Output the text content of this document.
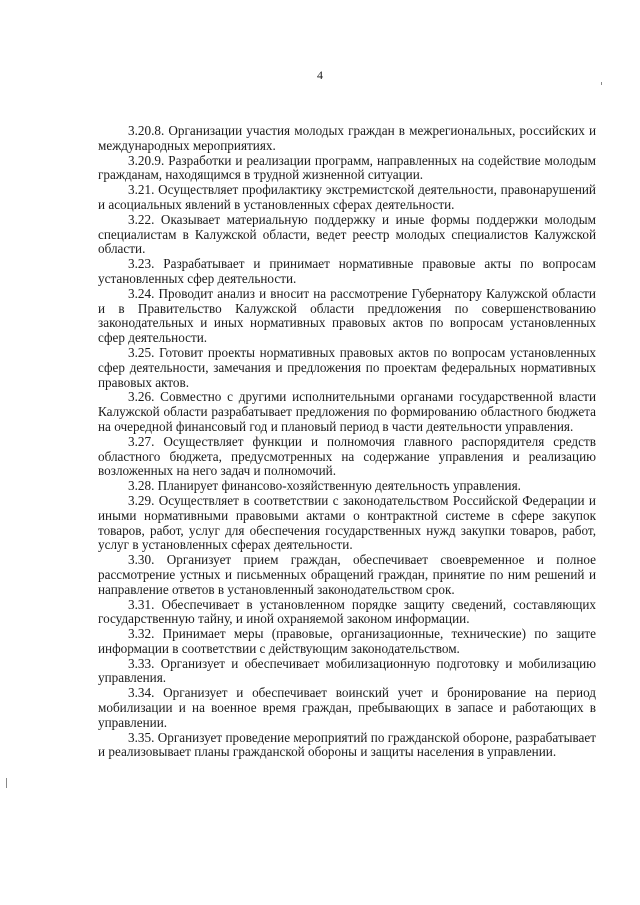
4

3.20.8. Организации участия молодых граждан в межрегиональных, российских и международных мероприятиях.

3.20.9. Разработки и реализации программ, направленных на содействие молодым гражданам, находящимся в трудной жизненной ситуации.

3.21. Осуществляет профилактику экстремистской деятельности, правонарушений и асоциальных явлений в установленных сферах деятельности.

3.22. Оказывает материальную поддержку и иные формы поддержки молодым специалистам в Калужской области, ведет реестр молодых специалистов Калужской области.

3.23. Разрабатывает и принимает нормативные правовые акты по вопросам установленных сфер деятельности.

3.24. Проводит анализ и вносит на рассмотрение Губернатору Калужской области и в Правительство Калужской области предложения по совершенствованию законодательных и иных нормативных правовых актов по вопросам установленных сфер деятельности.

3.25. Готовит проекты нормативных правовых актов по вопросам установленных сфер деятельности, замечания и предложения по проектам федеральных нормативных правовых актов.

3.26. Совместно с другими исполнительными органами государственной власти Калужской области разрабатывает предложения по формированию областного бюджета на очередной финансовый год и плановый период в части деятельности управления.

3.27. Осуществляет функции и полномочия главного распорядителя средств областного бюджета, предусмотренных на содержание управления и реализацию возложенных на него задач и полномочий.

3.28. Планирует финансово-хозяйственную деятельность управления.

3.29. Осуществляет в соответствии с законодательством Российской Федерации и иными нормативными правовыми актами о контрактной системе в сфере закупок товаров, работ, услуг для обеспечения государственных нужд закупки товаров, работ, услуг в установленных сферах деятельности.

3.30. Организует прием граждан, обеспечивает своевременное и полное рассмотрение устных и письменных обращений граждан, принятие по ним решений и направление ответов в установленный законодательством срок.

3.31. Обеспечивает в установленном порядке защиту сведений, составляющих государственную тайну, и иной охраняемой законом информации.

3.32. Принимает меры (правовые, организационные, технические) по защите информации в соответствии с действующим законодательством.

3.33. Организует и обеспечивает мобилизационную подготовку и мобилизацию управления.

3.34. Организует и обеспечивает воинский учет и бронирование на период мобилизации и на военное время граждан, пребывающих в запасе и работающих в управлении.

3.35. Организует проведение мероприятий по гражданской обороне, разрабатывает и реализовывает планы гражданской обороны и защиты населения в управлении.
